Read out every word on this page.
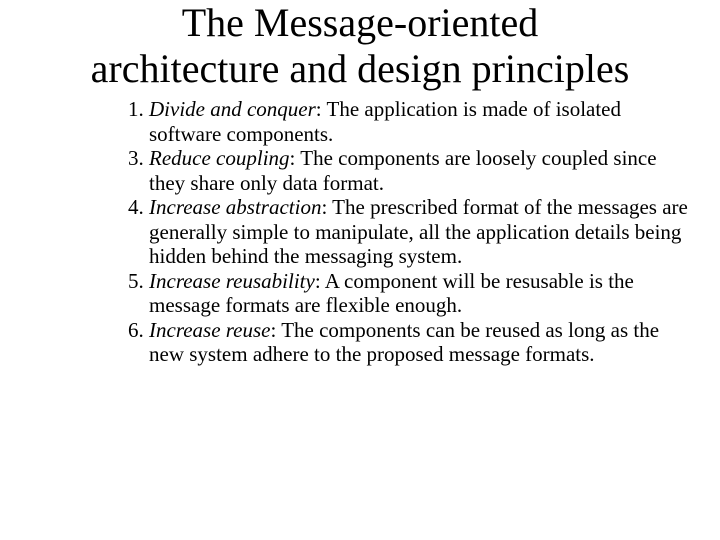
The Message-oriented
architecture and design principles
1. Divide and conquer: The application is made of isolated software components.
3. Reduce coupling: The components are loosely coupled since they share only data format.
4. Increase abstraction: The prescribed format of the messages are generally simple to manipulate, all the application details being hidden behind the messaging system.
5. Increase reusability: A component will be resusable is the message formats are flexible enough.
6. Increase reuse: The components can be reused as long as the new system adhere to the proposed message formats.
